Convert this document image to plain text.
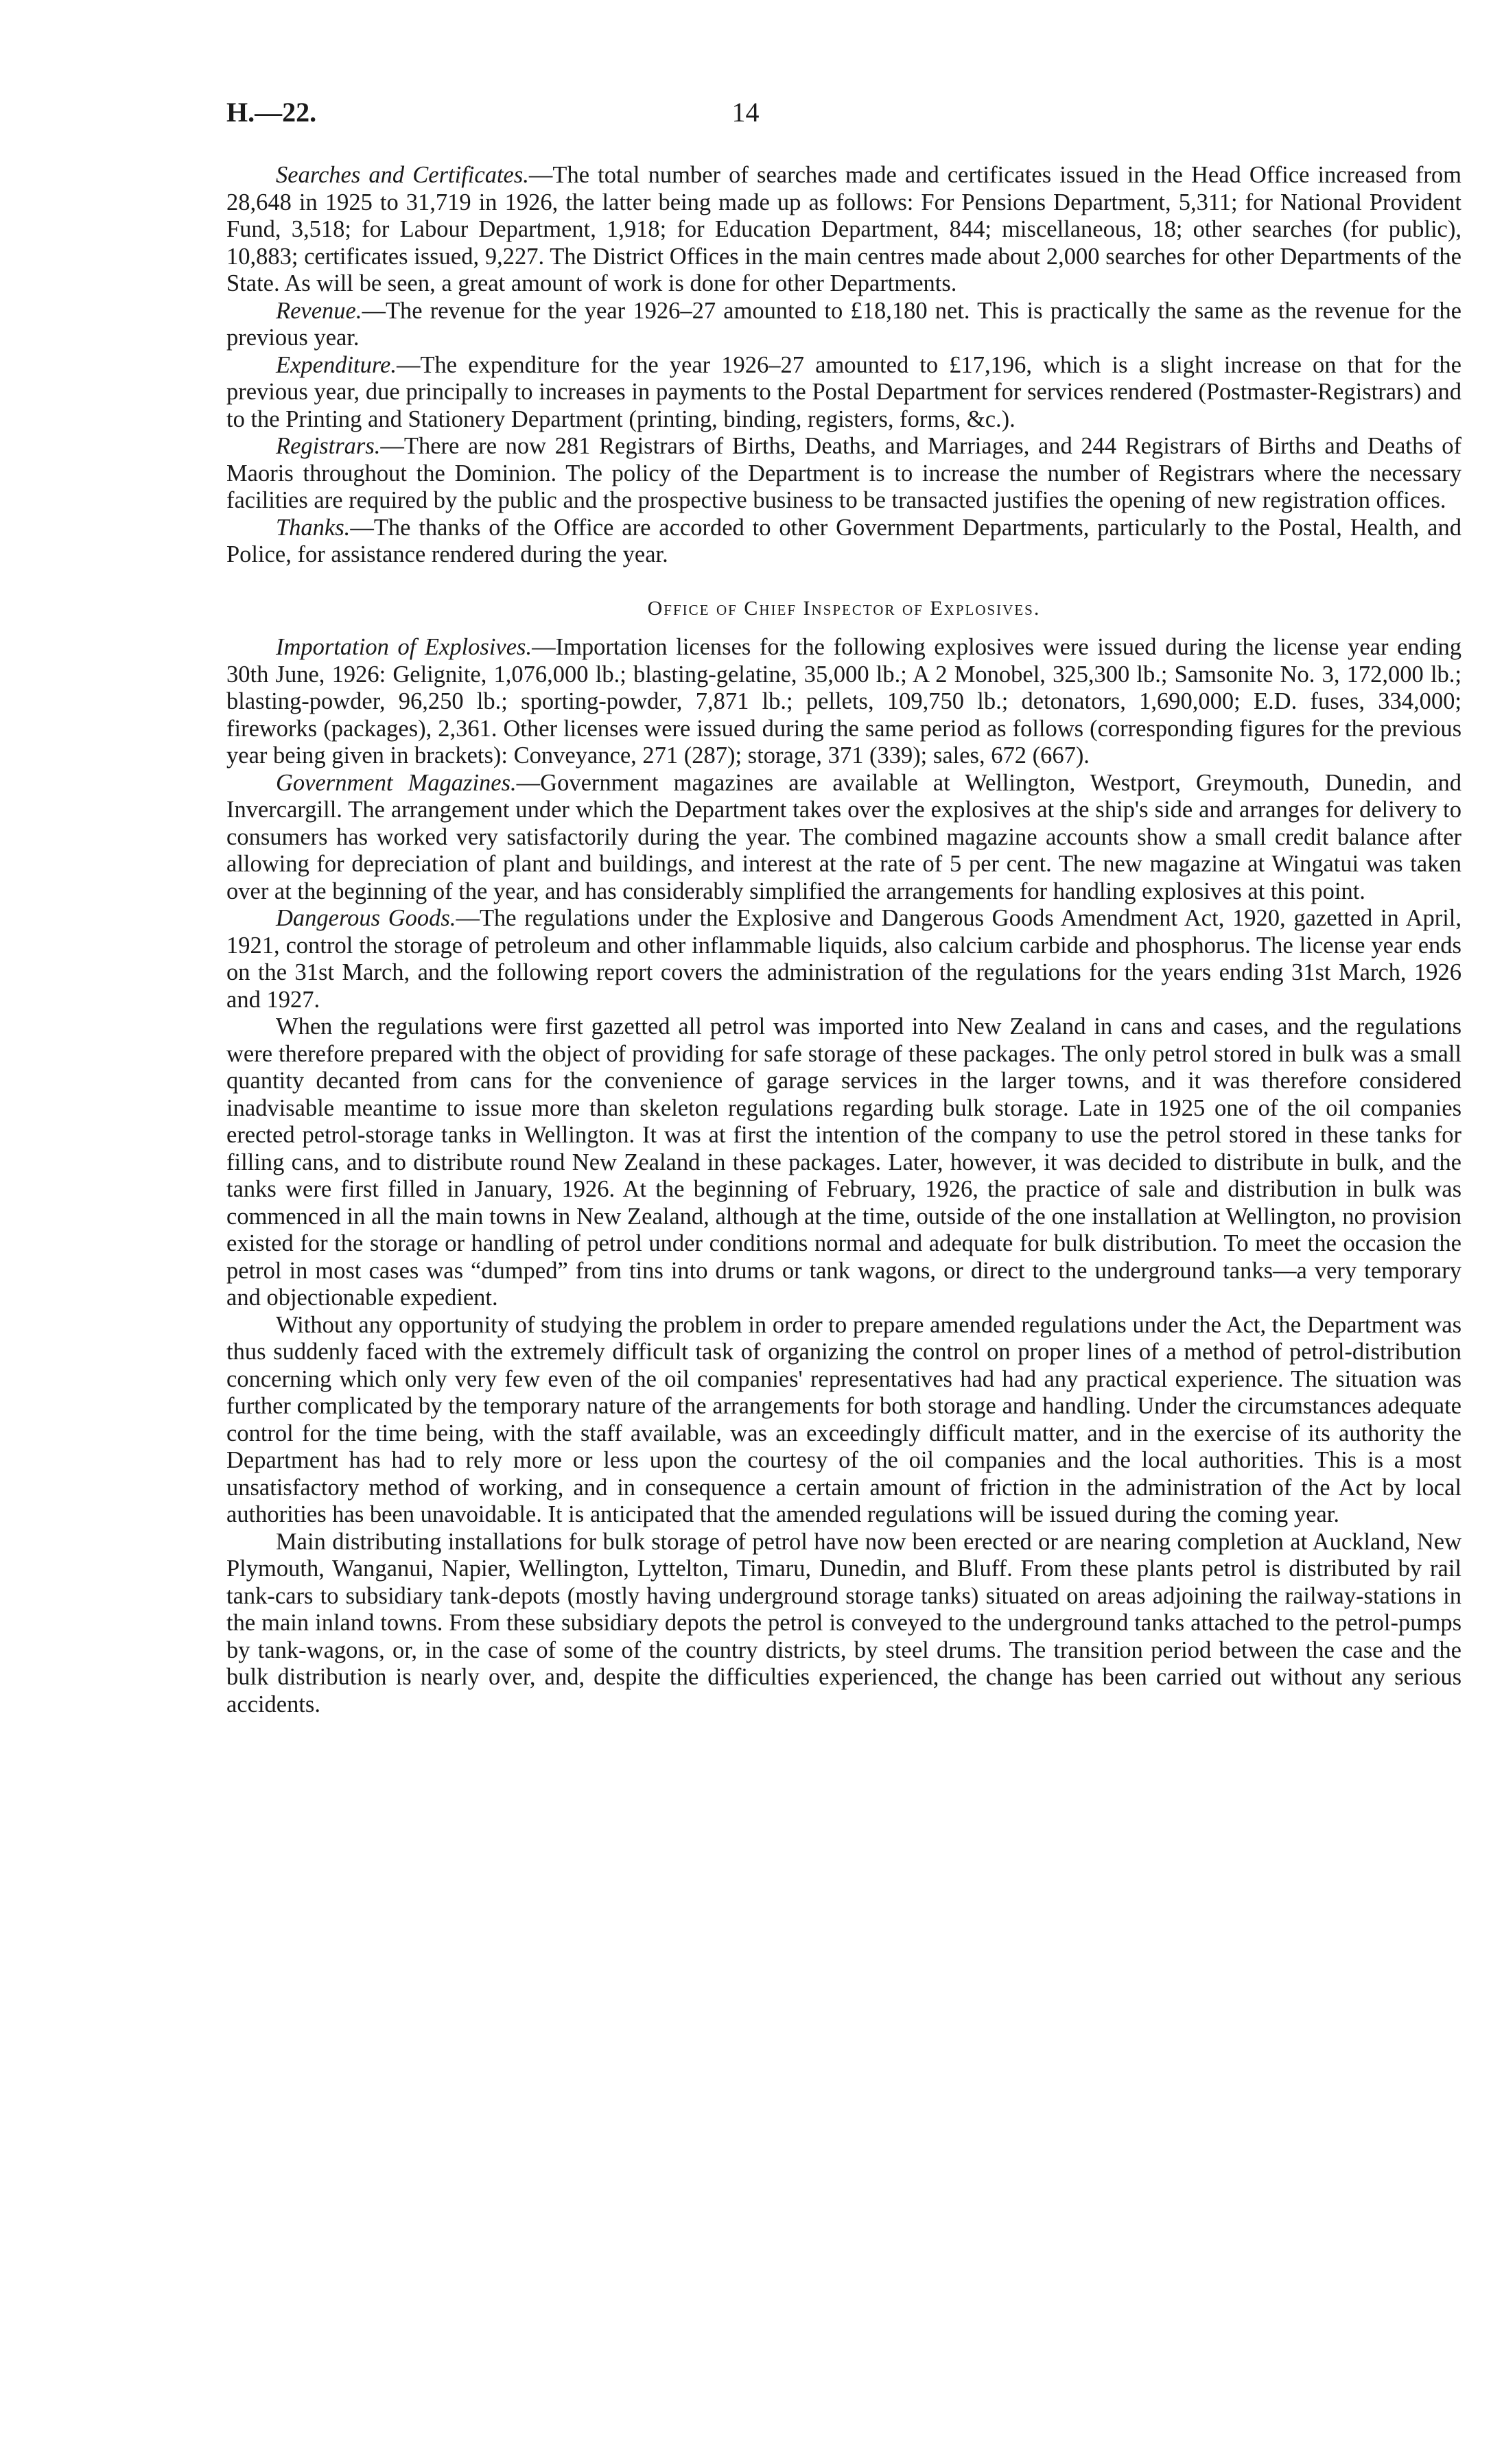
H.—22.	14

Searches and Certificates.—The total number of searches made and certificates issued in the Head Office increased from 28,648 in 1925 to 31,719 in 1926, the latter being made up as follows: For Pensions Department, 5,311; for National Provident Fund, 3,518; for Labour Department, 1,918; for Education Department, 844; miscellaneous, 18; other searches (for public), 10,883; certificates issued, 9,227. The District Offices in the main centres made about 2,000 searches for other Departments of the State. As will be seen, a great amount of work is done for other Departments.

Revenue.—The revenue for the year 1926–27 amounted to £18,180 net. This is practically the same as the revenue for the previous year.

Expenditure.—The expenditure for the year 1926–27 amounted to £17,196, which is a slight increase on that for the previous year, due principally to increases in payments to the Postal Department for services rendered (Postmaster-Registrars) and to the Printing and Stationery Department (printing, binding, registers, forms, &c.).

Registrars.—There are now 281 Registrars of Births, Deaths, and Marriages, and 244 Registrars of Births and Deaths of Maoris throughout the Dominion. The policy of the Department is to increase the number of Registrars where the necessary facilities are required by the public and the prospective business to be transacted justifies the opening of new registration offices.

Thanks.—The thanks of the Office are accorded to other Government Departments, particularly to the Postal, Health, and Police, for assistance rendered during the year.

Office of Chief Inspector of Explosives.

Importation of Explosives.—Importation licenses for the following explosives were issued during the license year ending 30th June, 1926: Gelignite, 1,076,000 lb.; blasting-gelatine, 35,000 lb.; A 2 Monobel, 325,300 lb.; Samsonite No. 3, 172,000 lb.; blasting-powder, 96,250 lb.; sporting-powder, 7,871 lb.; pellets, 109,750 lb.; detonators, 1,690,000; E.D. fuses, 334,000; fireworks (packages), 2,361. Other licenses were issued during the same period as follows (corresponding figures for the previous year being given in brackets): Conveyance, 271 (287); storage, 371 (339); sales, 672 (667).

Government Magazines.—Government magazines are available at Wellington, Westport, Greymouth, Dunedin, and Invercargill. The arrangement under which the Department takes over the explosives at the ship's side and arranges for delivery to consumers has worked very satisfactorily during the year. The combined magazine accounts show a small credit balance after allowing for depreciation of plant and buildings, and interest at the rate of 5 per cent. The new magazine at Wingatui was taken over at the beginning of the year, and has considerably simplified the arrangements for handling explosives at this point.

Dangerous Goods.—The regulations under the Explosive and Dangerous Goods Amendment Act, 1920, gazetted in April, 1921, control the storage of petroleum and other inflammable liquids, also calcium carbide and phosphorus. The license year ends on the 31st March, and the following report covers the administration of the regulations for the years ending 31st March, 1926 and 1927.

When the regulations were first gazetted all petrol was imported into New Zealand in cans and cases, and the regulations were therefore prepared with the object of providing for safe storage of these packages. The only petrol stored in bulk was a small quantity decanted from cans for the convenience of garage services in the larger towns, and it was therefore considered inadvisable meantime to issue more than skeleton regulations regarding bulk storage. Late in 1925 one of the oil companies erected petrol-storage tanks in Wellington. It was at first the intention of the company to use the petrol stored in these tanks for filling cans, and to distribute round New Zealand in these packages. Later, however, it was decided to distribute in bulk, and the tanks were first filled in January, 1926. At the beginning of February, 1926, the practice of sale and distribution in bulk was commenced in all the main towns in New Zealand, although at the time, outside of the one installation at Wellington, no provision existed for the storage or handling of petrol under conditions normal and adequate for bulk distribution. To meet the occasion the petrol in most cases was “dumped” from tins into drums or tank wagons, or direct to the underground tanks—a very temporary and objectionable expedient.

Without any opportunity of studying the problem in order to prepare amended regulations under the Act, the Department was thus suddenly faced with the extremely difficult task of organizing the control on proper lines of a method of petrol-distribution concerning which only very few even of the oil companies' representatives had had any practical experience. The situation was further complicated by the temporary nature of the arrangements for both storage and handling. Under the circumstances adequate control for the time being, with the staff available, was an exceedingly difficult matter, and in the exercise of its authority the Department has had to rely more or less upon the courtesy of the oil companies and the local authorities. This is a most unsatisfactory method of working, and in consequence a certain amount of friction in the administration of the Act by local authorities has been unavoidable. It is anticipated that the amended regulations will be issued during the coming year.

Main distributing installations for bulk storage of petrol have now been erected or are nearing completion at Auckland, New Plymouth, Wanganui, Napier, Wellington, Lyttelton, Timaru, Dunedin, and Bluff. From these plants petrol is distributed by rail tank-cars to subsidiary tank-depots (mostly having underground storage tanks) situated on areas adjoining the railway-stations in the main inland towns. From these subsidiary depots the petrol is conveyed to the underground tanks attached to the petrol-pumps by tank-wagons, or, in the case of some of the country districts, by steel drums. The transition period between the case and the bulk distribution is nearly over, and, despite the difficulties experienced, the change has been carried out without any serious accidents.
